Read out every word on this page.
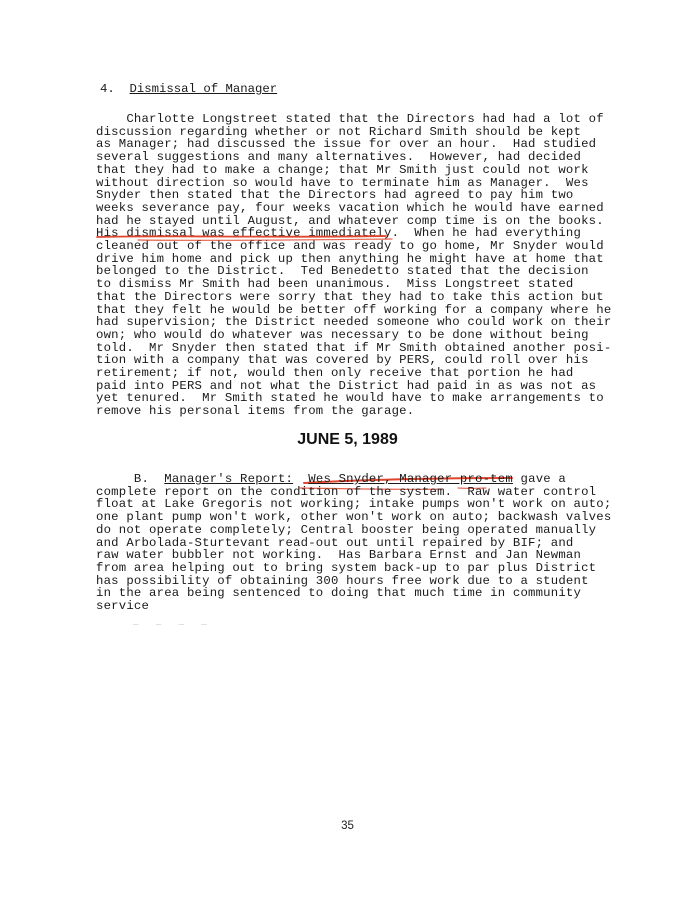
4. Dismissal of Manager
Charlotte Longstreet stated that the Directors had had a lot of
discussion regarding whether or not Richard Smith should be kept
as Manager; had discussed the issue for over an hour.  Had studied
several suggestions and many alternatives.  However, had decided
that they had to make a change; that Mr Smith just could not work
without direction so would have to terminate him as Manager.  Wes
Snyder then stated that the Directors had agreed to pay him two
weeks severance pay, four weeks vacation which he would have earned
had he stayed until August, and whatever comp time is on the books.
His dismissal was effective immediately.  When he had everything
cleaned out of the office and was ready to go home, Mr Snyder would
drive him home and pick up then anything he might have at home that
belonged to the District.  Ted Benedetto stated that the decision
to dismiss Mr Smith had been unanimous.  Miss Longstreet stated
that the Directors were sorry that they had to take this action but
that they felt he would be better off working for a company where he
had supervision; the District needed someone who could work on their
own; who would do whatever was necessary to be done without being
told.  Mr Snyder then stated that if Mr Smith obtained another posi-
tion with a company that was covered by PERS, could roll over his
retirement; if not, would then only receive that portion he had
paid into PERS and not what the District had paid in as was not as
yet tenured.  Mr Smith stated he would have to make arrangements to
remove his personal items from the garage.
JUNE 5, 1989
B. Manager's Report: Wes Snyder, Manager pro-tem gave a
complete report on the condition of the system.  Raw water control
float at Lake Gregoris not working; intake pumps won't work on auto;
one plant pump won't work, other won't work on auto; backwash valves
do not operate completely; Central booster being operated manually
and Arbolada-Sturtevant read-out out until repaired by BIF; and
raw water bubbler not working.  Has Barbara Ernst and Jan Newman
from area helping out to bring system back-up to par plus District
has possibility of obtaining 300 hours free work due to a student
in the area being sentenced to doing that much time in community
service
_ _ _ _
35
